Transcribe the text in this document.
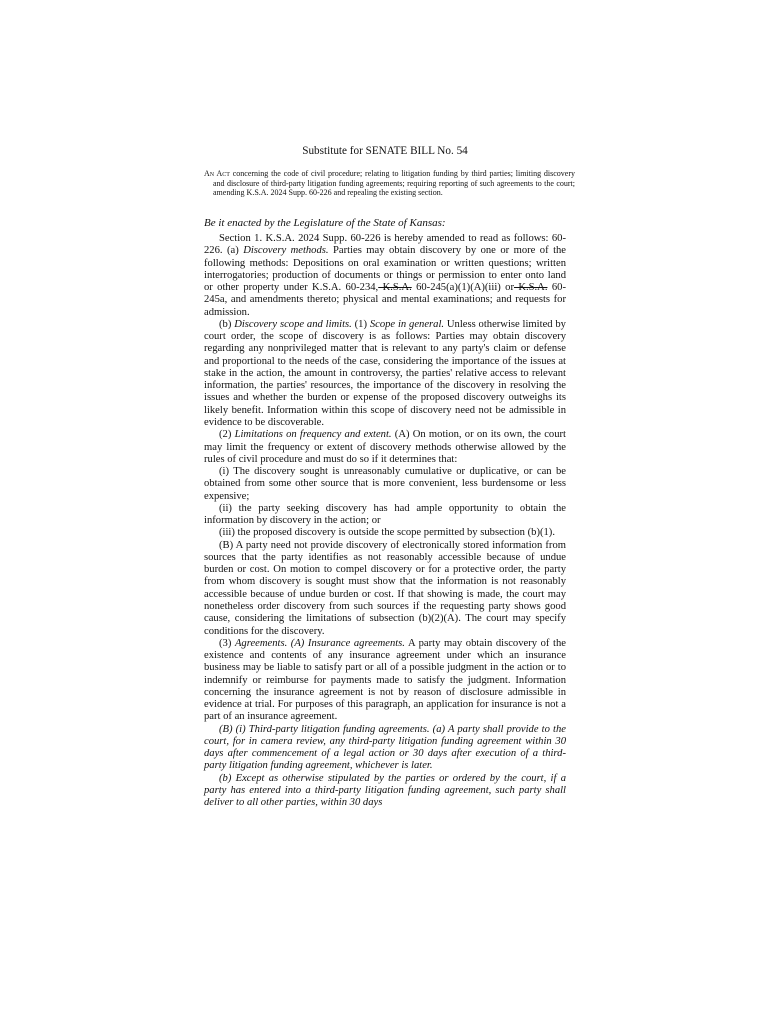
Substitute for SENATE BILL No. 54
An Act concerning the code of civil procedure; relating to litigation funding by third parties; limiting discovery and disclosure of third-party litigation funding agreements; requiring reporting of such agreements to the court; amending K.S.A. 2024 Supp. 60-226 and repealing the existing section.
Be it enacted by the Legislature of the State of Kansas:

Section 1. K.S.A. 2024 Supp. 60-226 is hereby amended to read as follows: 60-226. (a) Discovery methods. Parties may obtain discovery by one or more of the following methods: Depositions on oral examination or written questions; written interrogatories; production of documents or things or permission to enter onto land or other property under K.S.A. 60-234, K.S.A. 60-245(a)(1)(A)(iii) or K.S.A. 60-245a, and amendments thereto; physical and mental examinations; and requests for admission.

(b) Discovery scope and limits. (1) Scope in general. Unless otherwise limited by court order, the scope of discovery is as follows: Parties may obtain discovery regarding any nonprivileged matter that is relevant to any party's claim or defense and proportional to the needs of the case, considering the importance of the issues at stake in the action, the amount in controversy, the parties' relative access to relevant information, the parties' resources, the importance of the discovery in resolving the issues and whether the burden or expense of the proposed discovery outweighs its likely benefit. Information within this scope of discovery need not be admissible in evidence to be discoverable.

(2) Limitations on frequency and extent. (A) On motion, or on its own, the court may limit the frequency or extent of discovery methods otherwise allowed by the rules of civil procedure and must do so if it determines that:

(i) The discovery sought is unreasonably cumulative or duplicative, or can be obtained from some other source that is more convenient, less burdensome or less expensive;

(ii) the party seeking discovery has had ample opportunity to obtain the information by discovery in the action; or

(iii) the proposed discovery is outside the scope permitted by subsection (b)(1).

(B) A party need not provide discovery of electronically stored information from sources that the party identifies as not reasonably accessible because of undue burden or cost. On motion to compel discovery or for a protective order, the party from whom discovery is sought must show that the information is not reasonably accessible because of undue burden or cost. If that showing is made, the court may nonetheless order discovery from such sources if the requesting party shows good cause, considering the limitations of subsection (b)(2)(A). The court may specify conditions for the discovery.

(3) Agreements. (A) Insurance agreements. A party may obtain discovery of the existence and contents of any insurance agreement under which an insurance business may be liable to satisfy part or all of a possible judgment in the action or to indemnify or reimburse for payments made to satisfy the judgment. Information concerning the insurance agreement is not by reason of disclosure admissible in evidence at trial. For purposes of this paragraph, an application for insurance is not a part of an insurance agreement.

(B) (i) Third-party litigation funding agreements. (a) A party shall provide to the court, for in camera review, any third-party litigation funding agreement within 30 days after commencement of a legal action or 30 days after execution of a third-party litigation funding agreement, whichever is later.

(b) Except as otherwise stipulated by the parties or ordered by the court, if a party has entered into a third-party litigation funding agreement, such party shall deliver to all other parties, within 30 days
